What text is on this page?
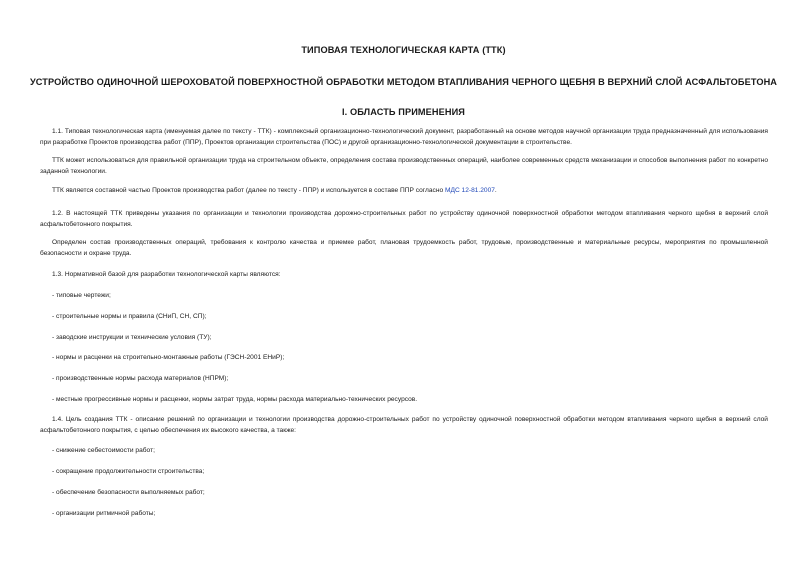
ТИПОВАЯ ТЕХНОЛОГИЧЕСКАЯ КАРТА (ТТК)
УСТРОЙСТВО ОДИНОЧНОЙ ШЕРОХОВАТОЙ ПОВЕРХНОСТНОЙ ОБРАБОТКИ МЕТОДОМ ВТАПЛИВАНИЯ ЧЕРНОГО ЩЕБНЯ В ВЕРХНИЙ СЛОЙ АСФАЛЬТОБЕТОНА
I. ОБЛАСТЬ ПРИМЕНЕНИЯ
1.1. Типовая технологическая карта (именуемая далее по тексту - ТТК) - комплексный организационно-технологический документ, разработанный на основе методов научной организации труда предназначенный для использования при разработке Проектов производства работ (ППР), Проектов организации строительства (ПОС) и другой организационно-технологической документации в строительстве.
ТТК может использоваться для правильной организации труда на строительном объекте, определения состава производственных операций, наиболее современных средств механизации и способов выполнения работ по конкретно заданной технологии.
ТТК является составной частью Проектов производства работ (далее по тексту - ППР) и используется в составе ППР согласно МДС 12-81.2007.
1.2. В настоящей ТТК приведены указания по организации и технологии производства дорожно-строительных работ по устройству одиночной поверхностной обработки методом втапливания черного щебня в верхний слой асфальтобетонного покрытия.
Определен состав производственных операций, требования к контролю качества и приемке работ, плановая трудоемкость работ, трудовые, производственные и материальные ресурсы, мероприятия по промышленной безопасности и охране труда.
1.3. Нормативной базой для разработки технологической карты являются:
- типовые чертежи;
- строительные нормы и правила (СНиП, СН, СП);
- заводские инструкции и технические условия (ТУ);
- нормы и расценки на строительно-монтажные работы (ГЭСН-2001 ЕНиР);
- производственные нормы расхода материалов (НПРМ);
- местные прогрессивные нормы и расценки, нормы затрат труда, нормы расхода материально-технических ресурсов.
1.4. Цель создания ТТК - описание решений по организации и технологии производства дорожно-строительных работ по устройству одиночной поверхностной обработки методом втапливания черного щебня в верхний слой асфальтобетонного покрытия, с целью обеспечения их высокого качества, а также:
- снижение себестоимости работ;
- сокращение продолжительности строительства;
- обеспечение безопасности выполняемых работ;
- организации ритмичной работы;
